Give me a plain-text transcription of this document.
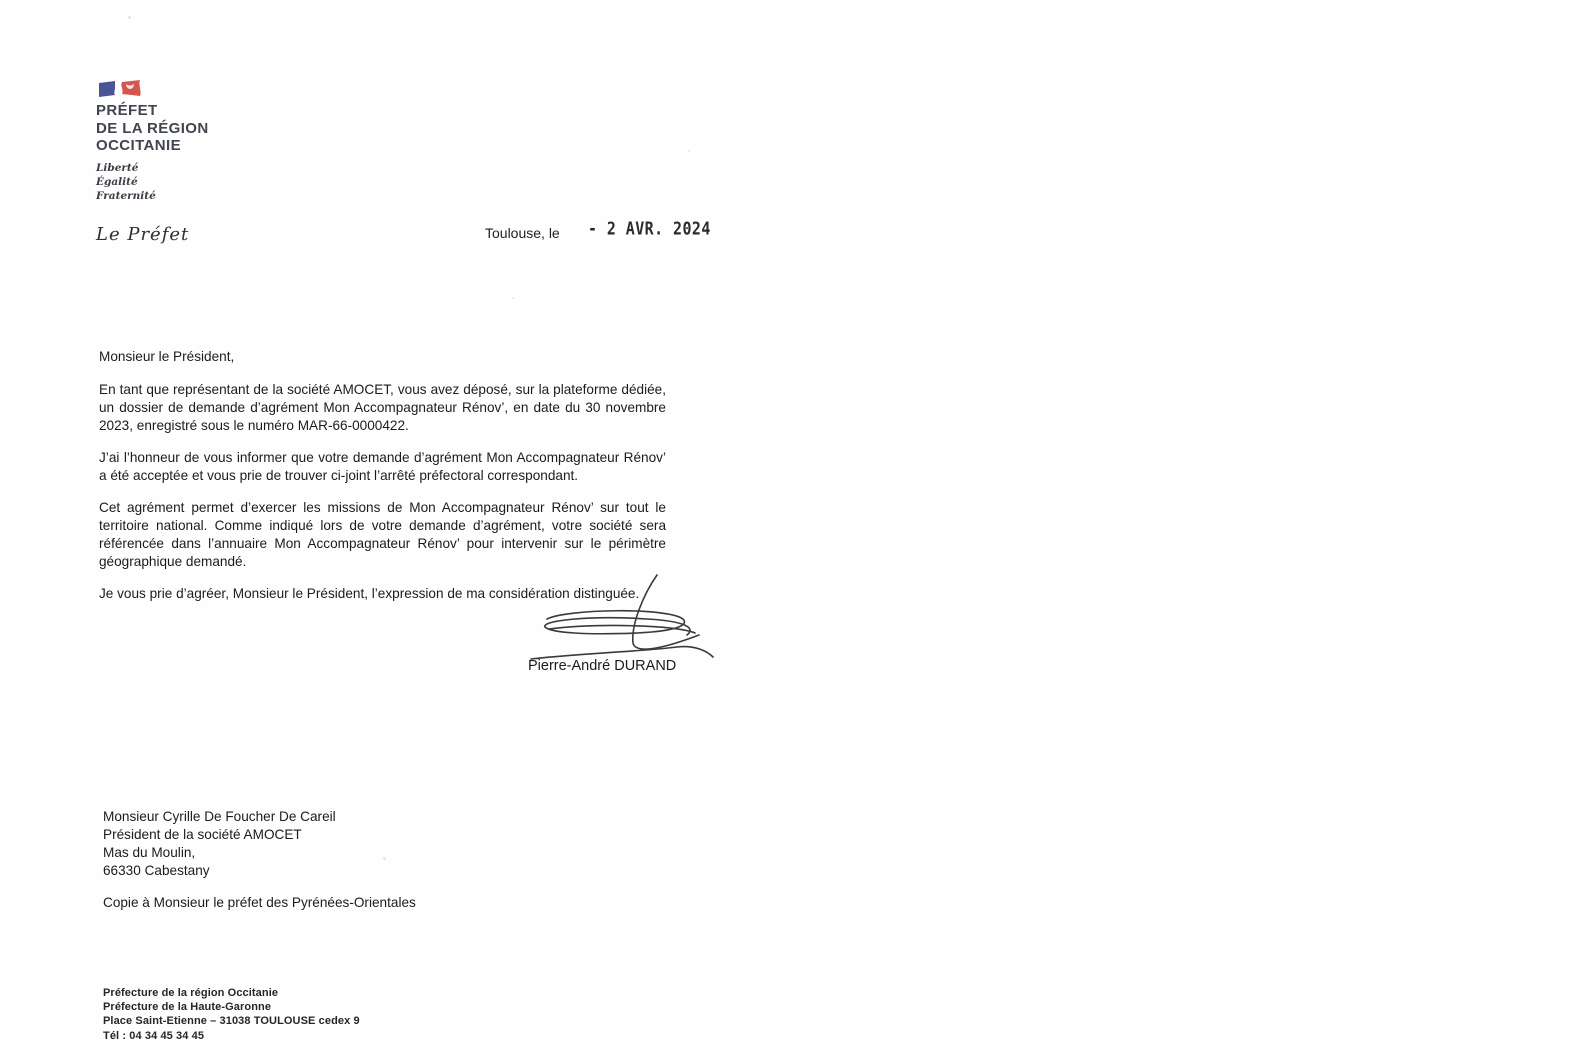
PRÉFET
DE LA RÉGION
OCCITANIE
Liberté
Égalité
Fraternité
Le Préfet	Toulouse, le - 2 AVR. 2024

Monsieur le Président,

En tant que représentant de la société AMOCET, vous avez déposé, sur la plateforme dédiée, un dossier de demande d’agrément Mon Accompagnateur Rénov’, en date du 30 novembre 2023, enregistré sous le numéro MAR-66-0000422.

J’ai l’honneur de vous informer que votre demande d’agrément Mon Accompagnateur Rénov’ a été acceptée et vous prie de trouver ci-joint l’arrêté préfectoral correspondant.

Cet agrément permet d’exercer les missions de Mon Accompagnateur Rénov’ sur tout le territoire national. Comme indiqué lors de votre demande d’agrément, votre société sera référencée dans l’annuaire Mon Accompagnateur Rénov’ pour intervenir sur le périmètre géographique demandé.

Je vous prie d’agréer, Monsieur le Président, l’expression de ma considération distinguée.

Pierre-André DURAND
Monsieur Cyrille De Foucher De Careil
Président de la société AMOCET
Mas du Moulin,
66330 Cabestany
Copie à Monsieur le préfet des Pyrénées-Orientales
Préfecture de la région Occitanie
Préfecture de la Haute-Garonne
Place Saint-Etienne – 31038 TOULOUSE cedex 9
Tél : 04 34 45 34 45
